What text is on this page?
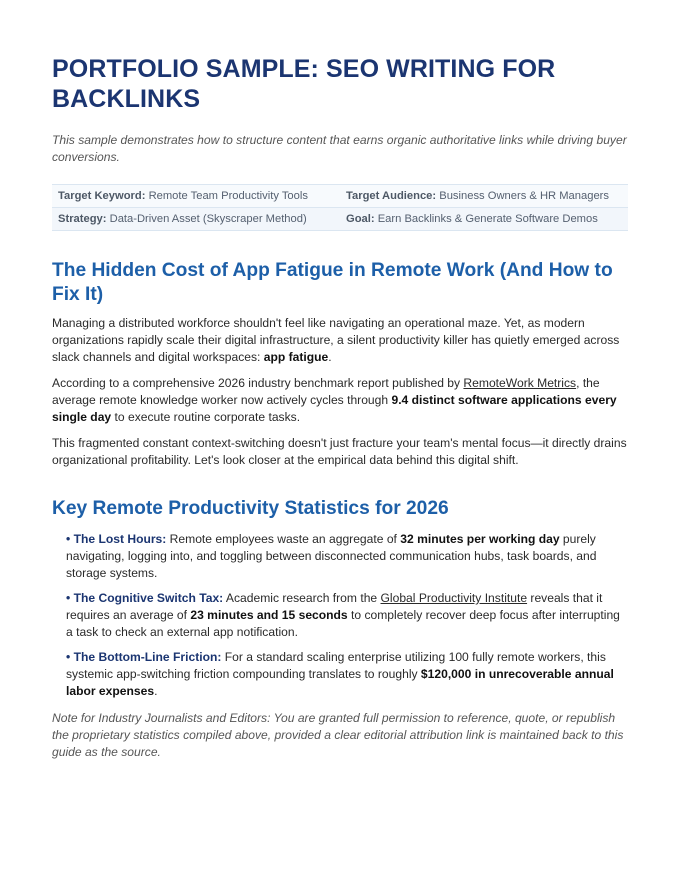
PORTFOLIO SAMPLE: SEO WRITING FOR BACKLINKS

This sample demonstrates how to structure content that earns organic authoritative links while driving buyer conversions.

Target Keyword: Remote Team Productivity Tools	Target Audience: Business Owners & HR Managers
Strategy: Data-Driven Asset (Skyscraper Method)	Goal: Earn Backlinks & Generate Software Demos
The Hidden Cost of App Fatigue in Remote Work (And How to Fix It)

Managing a distributed workforce shouldn't feel like navigating an operational maze. Yet, as modern organizations rapidly scale their digital infrastructure, a silent productivity killer has quietly emerged across slack channels and digital workspaces: app fatigue.

According to a comprehensive 2026 industry benchmark report published by RemoteWork Metrics, the average remote knowledge worker now actively cycles through 9.4 distinct software applications every single day to execute routine corporate tasks.

This fragmented constant context-switching doesn't just fracture your team's mental focus—it directly drains organizational profitability. Let's look closer at the empirical data behind this digital shift.

Key Remote Productivity Statistics for 2026
• The Lost Hours: Remote employees waste an aggregate of 32 minutes per working day purely navigating, logging into, and toggling between disconnected communication hubs, task boards, and storage systems.
• The Cognitive Switch Tax: Academic research from the Global Productivity Institute reveals that it requires an average of 23 minutes and 15 seconds to completely recover deep focus after interrupting a task to check an external app notification.
• The Bottom-Line Friction: For a standard scaling enterprise utilizing 100 fully remote workers, this systemic app-switching friction compounding translates to roughly $120,000 in unrecoverable annual labor expenses.

Note for Industry Journalists and Editors: You are granted full permission to reference, quote, or republish the proprietary statistics compiled above, provided a clear editorial attribution link is maintained back to this guide as the source.
